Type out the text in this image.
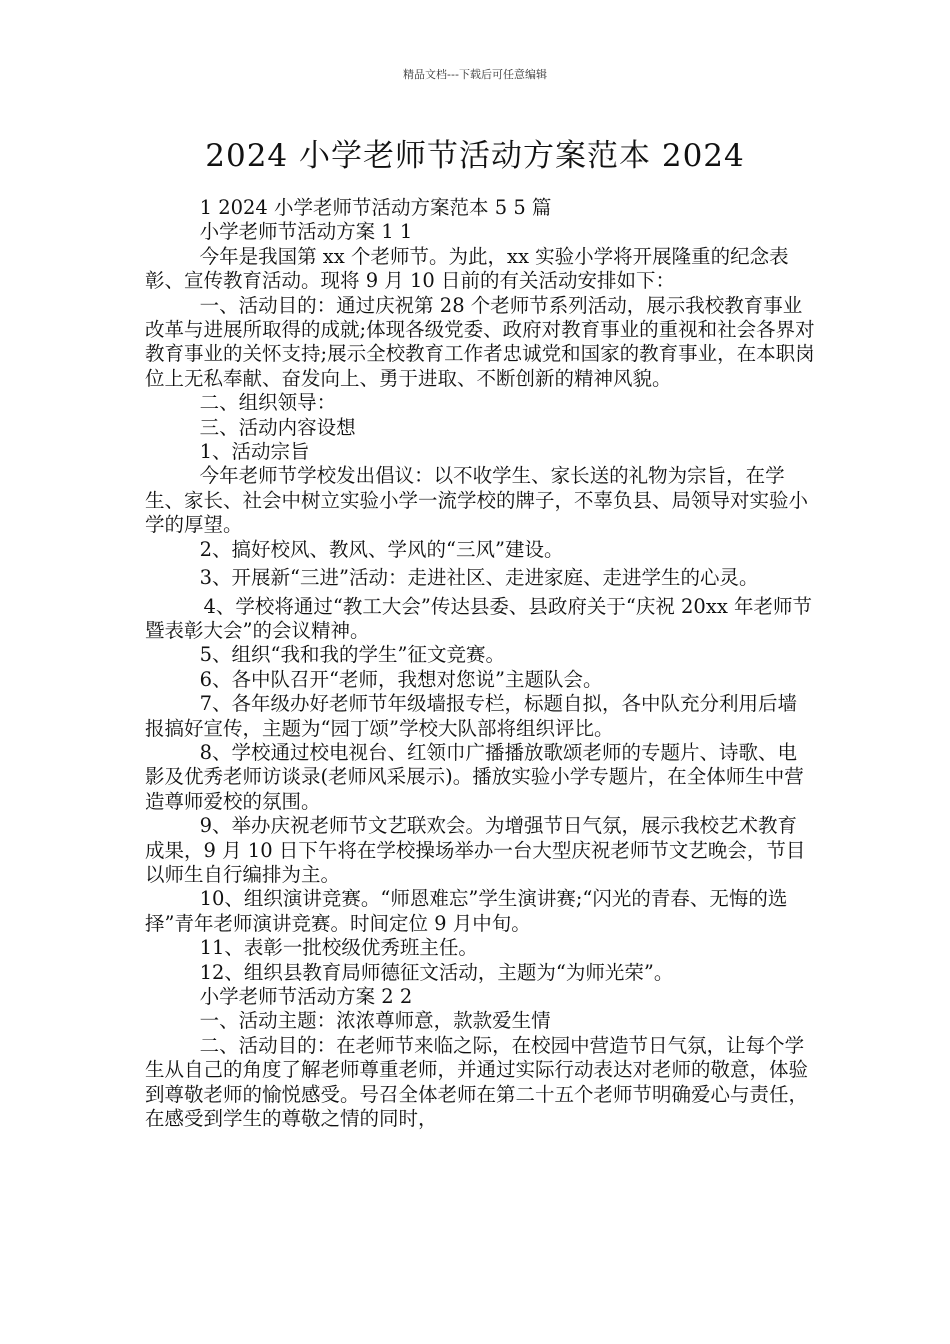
精品文档---下载后可任意编辑
2024 小学老师节活动方案范本 2024

1 2024 小学老师节活动方案范本 5 5 篇

小学老师节活动方案 1 1

今年是我国第 xx 个老师节。为此，xx 实验小学将开展隆重的纪念表彰、宣传教育活动。现将 9 月 10 日前的有关活动安排如下：

一、活动目的：通过庆祝第 28 个老师节系列活动，展示我校教育事业改革与进展所取得的成就;体现各级党委、政府对教育事业的重视和社会各界对教育事业的关怀支持;展示全校教育工作者忠诚党和国家的教育事业，在本职岗位上无私奉献、奋发向上、勇于进取、不断创新的精神风貌。

二、组织领导：

三、活动内容设想

1、活动宗旨

今年老师节学校发出倡议：以不收学生、家长送的礼物为宗旨，在学生、家长、社会中树立实验小学一流学校的牌子，不辜负县、局领导对实验小学的厚望。

2、搞好校风、教风、学风的“三风”建设。

3、开展新“三进”活动：走进社区、走进家庭、走进学生的心灵。

4、学校将通过“教工大会”传达县委、县政府关于“庆祝 20xx 年老师节暨表彰大会”的会议精神。

5、组织“我和我的学生”征文竞赛。

6、各中队召开“老师，我想对您说”主题队会。

7、各年级办好老师节年级墙报专栏，标题自拟，各中队充分利用后墙报搞好宣传，主题为“园丁颂”学校大队部将组织评比。

8、学校通过校电视台、红领巾广播播放歌颂老师的专题片、诗歌、电影及优秀老师访谈录(老师风采展示)。播放实验小学专题片，在全体师生中营造尊师爱校的氛围。

9、举办庆祝老师节文艺联欢会。为增强节日气氛，展示我校艺术教育成果，9 月 10 日下午将在学校操场举办一台大型庆祝老师节文艺晚会，节目以师生自行编排为主。

10、组织演讲竞赛。“师恩难忘”学生演讲赛;“闪光的青春、无悔的选择”青年老师演讲竞赛。时间定位 9 月中旬。

11、表彰一批校级优秀班主任。

12、组织县教育局师德征文活动，主题为“为师光荣”。

小学老师节活动方案 2 2

一、活动主题：浓浓尊师意，款款爱生情

二、活动目的：在老师节来临之际，在校园中营造节日气氛，让每个学生从自己的角度了解老师尊重老师，并通过实际行动表达对老师的敬意，体验到尊敬老师的愉悦感受。号召全体老师在第二十五个老师节明确爱心与责任，在感受到学生的尊敬之情的同时，
